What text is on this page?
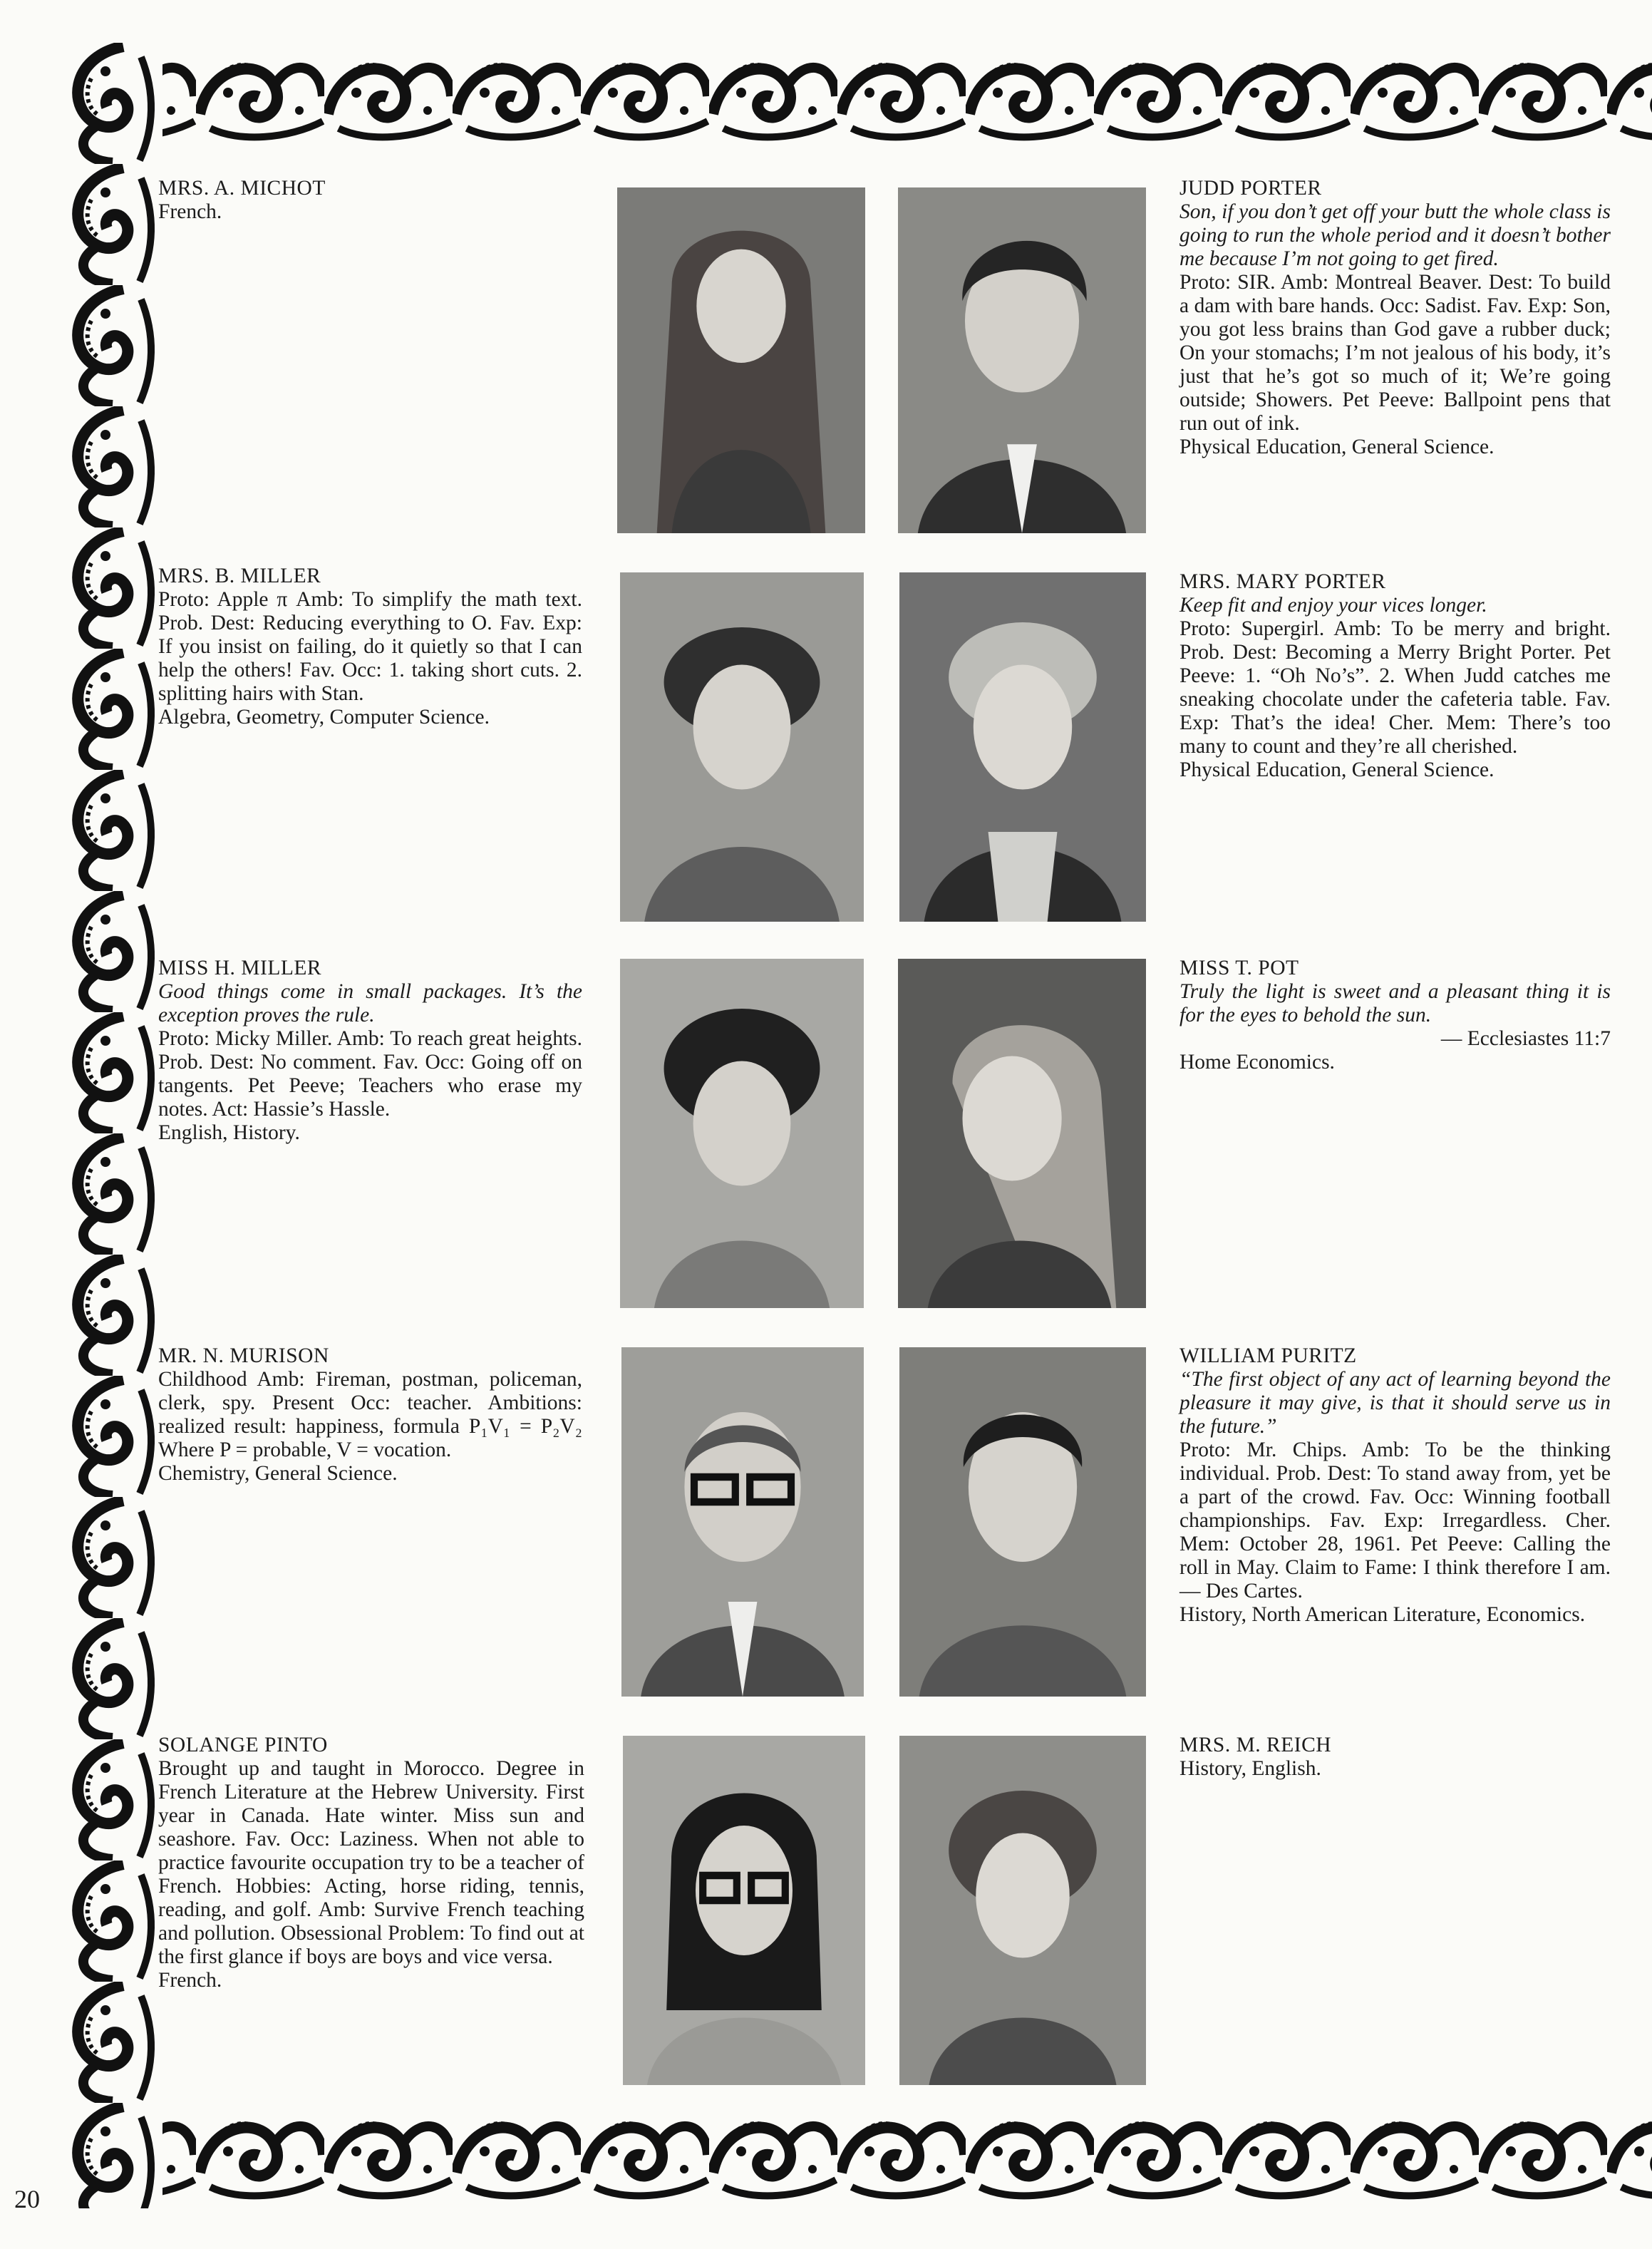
20

MRS. A. MICHOT

French.

JUDD PORTER

Son, if you don’t get off your butt the whole class is going to run the whole period and it doesn’t bother me because I’m not going to get fired.

Proto: SIR. Amb: Montreal Beaver. Dest: To build a dam with bare hands. Occ: Sadist. Fav. Exp: Son, you got less brains than God gave a rubber duck; On your stomachs; I’m not jealous of his body, it’s just that he’s got so much of it; We’re going outside; Showers. Pet Peeve: Ballpoint pens that run out of ink.

Physical Education, General Science.

MRS. B. MILLER

Proto: Apple π Amb: To simplify the math text. Prob. Dest: Reducing everything to O. Fav. Exp: If you insist on failing, do it quietly so that I can help the others! Fav. Occ: 1. taking short cuts. 2. splitting hairs with Stan.

Algebra, Geometry, Computer Science.

MRS. MARY PORTER

Keep fit and enjoy your vices longer.

Proto: Supergirl. Amb: To be merry and bright. Prob. Dest: Becoming a Merry Bright Porter. Pet Peeve: 1. “Oh No’s”. 2. When Judd catches me sneaking chocolate under the cafeteria table. Fav. Exp: That’s the idea! Cher. Mem: There’s too many to count and they’re all cherished.

Physical Education, General Science.

MISS H. MILLER

Good things come in small packages. It’s the exception proves the rule.

Proto: Micky Miller. Amb: To reach great heights. Prob. Dest: No comment. Fav. Occ: Going off on tangents. Pet Peeve; Teachers who erase my notes. Act: Hassie’s Hassle.

English, History.

MISS T. POT

Truly the light is sweet and a pleasant thing it is for the eyes to behold the sun.

— Ecclesiastes 11:7

Home Economics.

MR. N. MURISON

Childhood Amb: Fireman, postman, policeman, clerk, spy. Present Occ: teacher. Ambitions: realized result: happiness, formula P₁V₁ = P₂V₂ Where P = probable, V = vocation.

Chemistry, General Science.

WILLIAM PURITZ

“The first object of any act of learning beyond the pleasure it may give, is that it should serve us in the future.”

Proto: Mr. Chips. Amb: To be the thinking individual. Prob. Dest: To stand away from, yet be a part of the crowd. Fav. Occ: Winning football championships. Fav. Exp: Irregardless. Cher. Mem: October 28, 1961. Pet Peeve: Calling the roll in May. Claim to Fame: I think therefore I am. — Des Cartes.

History, North American Literature, Economics.

SOLANGE PINTO

Brought up and taught in Morocco. Degree in French Literature at the Hebrew University. First year in Canada. Hate winter. Miss sun and seashore. Fav. Occ: Laziness. When not able to practice favourite occupation try to be a teacher of French. Hobbies: Acting, horse riding, tennis, reading, and golf. Amb: Survive French teaching and pollution. Obsessional Problem: To find out at the first glance if boys are boys and vice versa.

French.

MRS. M. REICH

History, English.
